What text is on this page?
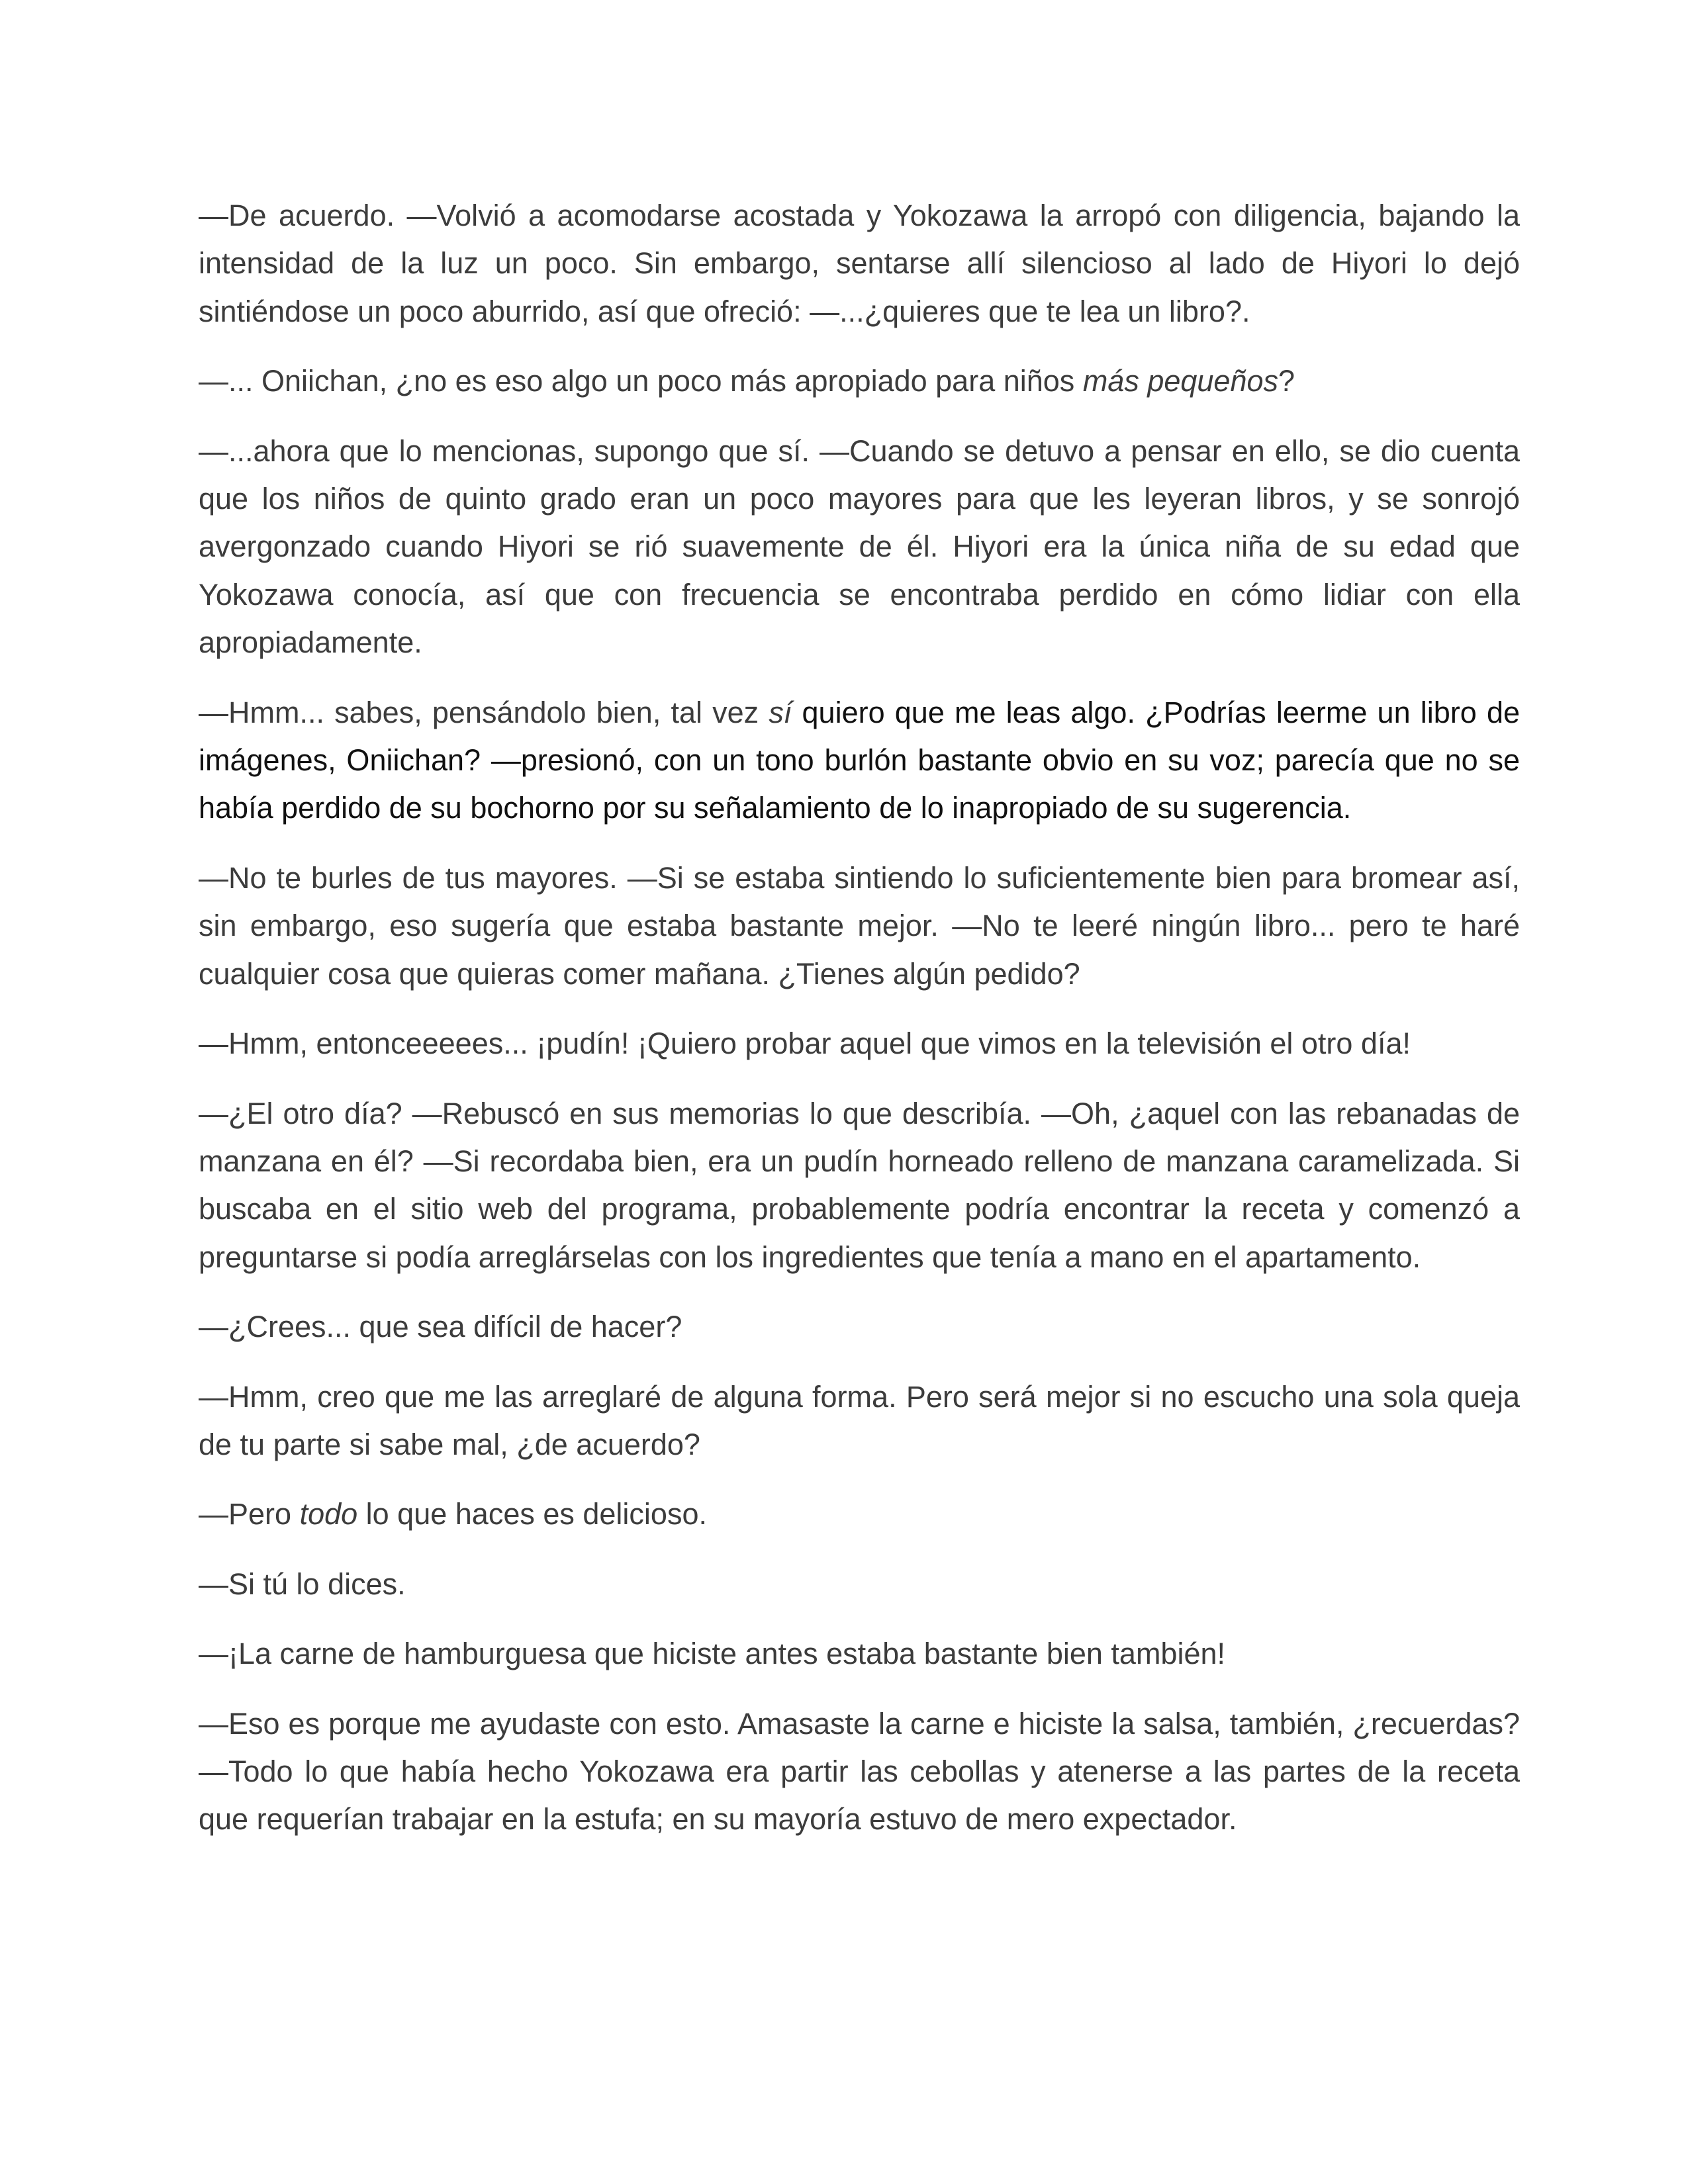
—De acuerdo. —Volvió a acomodarse acostada y Yokozawa la arropó con diligencia, bajando la intensidad de la luz un poco. Sin embargo, sentarse allí silencioso al lado de Hiyori lo dejó sintiéndose un poco aburrido, así que ofreció: —...¿quieres que te lea un libro?.

—... Oniichan, ¿no es eso algo un poco más apropiado para niños más pequeños?

—...ahora que lo mencionas, supongo que sí. —Cuando se detuvo a pensar en ello, se dio cuenta que los niños de quinto grado eran un poco mayores para que les leyeran libros, y se sonrojó avergonzado cuando Hiyori se rió suavemente de él. Hiyori era la única niña de su edad que Yokozawa conocía, así que con frecuencia se encontraba perdido en cómo lidiar con ella apropiadamente.

—Hmm... sabes, pensándolo bien, tal vez sí quiero que me leas algo. ¿Podrías leerme un libro de imágenes, Oniichan? —presionó, con un tono burlón bastante obvio en su voz; parecía que no se había perdido de su bochorno por su señalamiento de lo inapropiado de su sugerencia.

—No te burles de tus mayores. —Si se estaba sintiendo lo suficientemente bien para bromear así, sin embargo, eso sugería que estaba bastante mejor. —No te leeré ningún libro... pero te haré cualquier cosa que quieras comer mañana. ¿Tienes algún pedido?

—Hmm, entonceeeees... ¡pudín! ¡Quiero probar aquel que vimos en la televisión el otro día!

—¿El otro día? —Rebuscó en sus memorias lo que describía. —Oh, ¿aquel con las rebanadas de manzana en él? —Si recordaba bien, era un pudín horneado relleno de manzana caramelizada. Si buscaba en el sitio web del programa, probablemente podría encontrar la receta y comenzó a preguntarse si podía arreglárselas con los ingredientes que tenía a mano en el apartamento.

—¿Crees... que sea difícil de hacer?

—Hmm, creo que me las arreglaré de alguna forma. Pero será mejor si no escucho una sola queja de tu parte si sabe mal, ¿de acuerdo?

—Pero todo lo que haces es delicioso.

—Si tú lo dices.

—¡La carne de hamburguesa que hiciste antes estaba bastante bien también!

—Eso es porque me ayudaste con esto. Amasaste la carne e hiciste la salsa, también, ¿recuerdas? —Todo lo que había hecho Yokozawa era partir las cebollas y atenerse a las partes de la receta que requerían trabajar en la estufa; en su mayoría estuvo de mero expectador.
